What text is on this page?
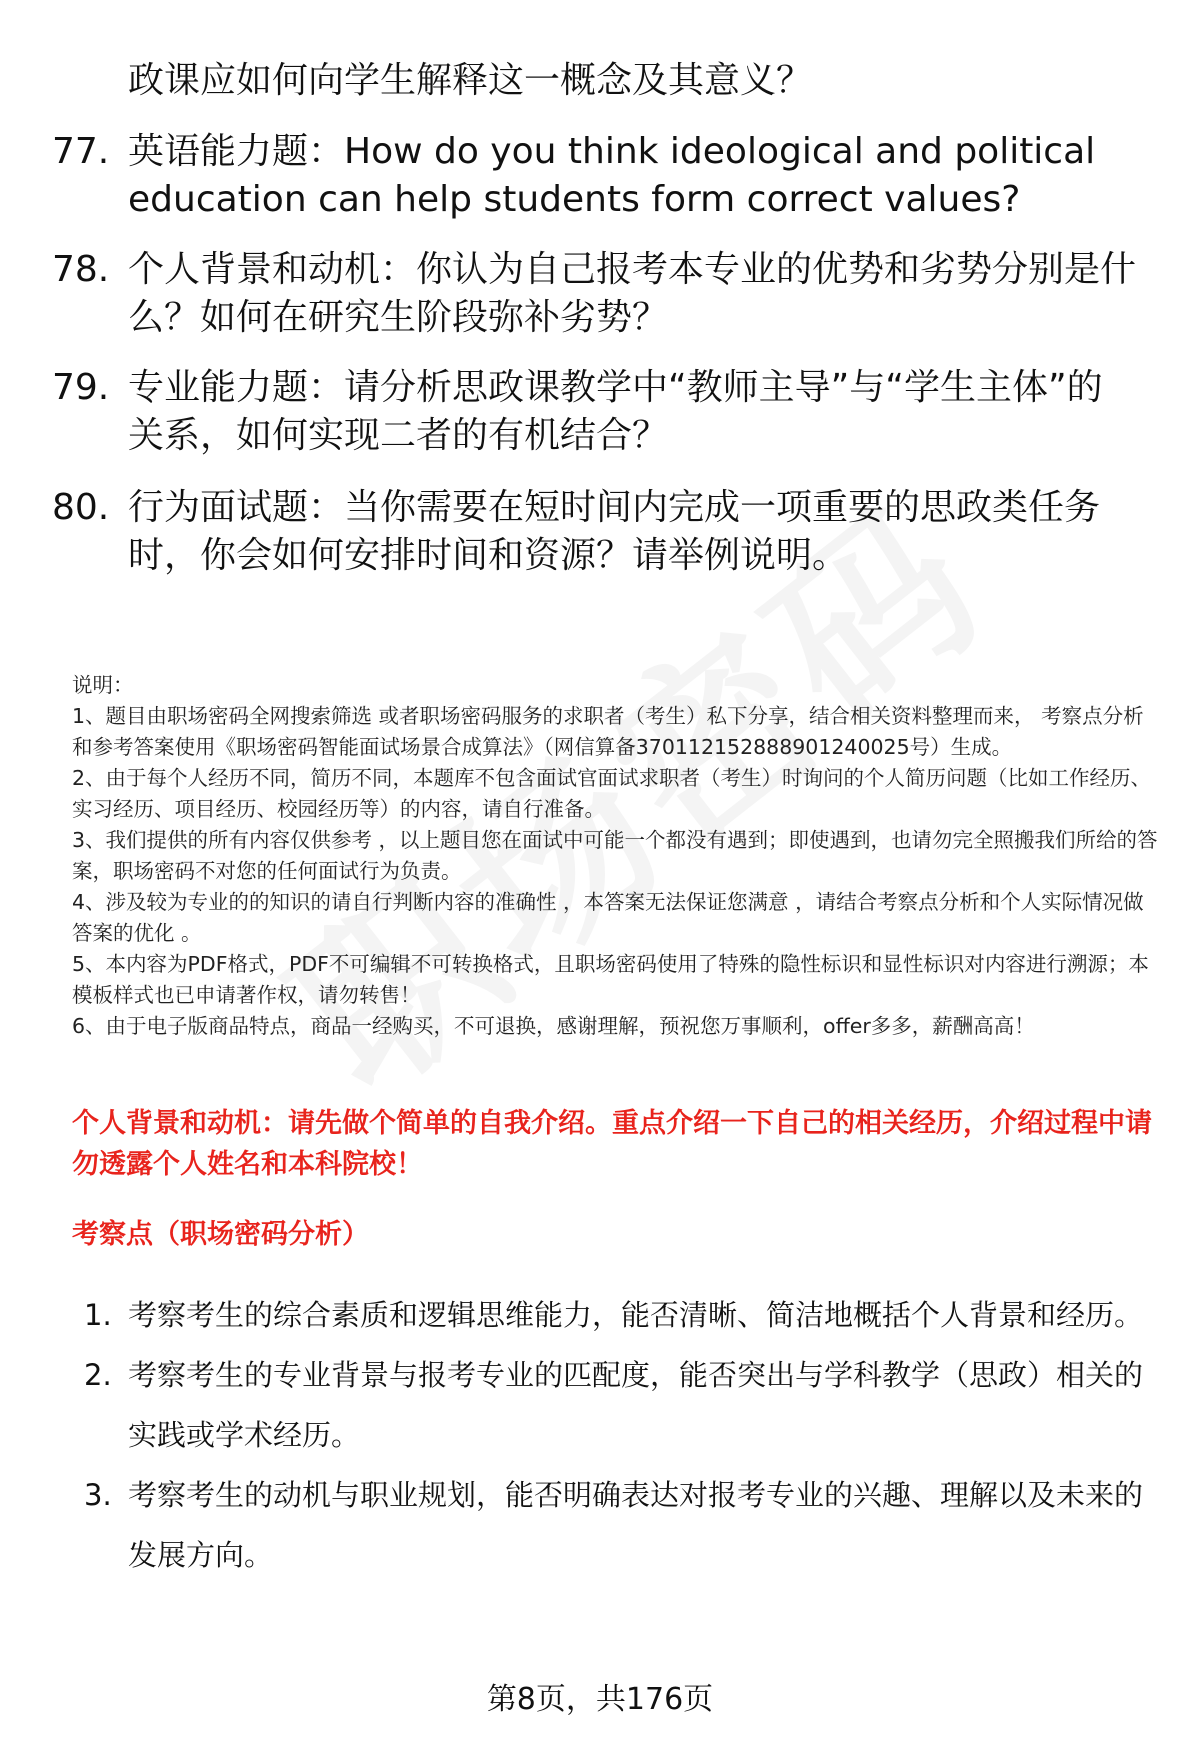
政课应如何向学生解释这一概念及其意义？

77. 英语能力题：How do you think ideological and political education can help students form correct values?
78. 个人背景和动机：你认为自己报考本专业的优势和劣势分别是什么？如何在研究生阶段弥补劣势？
79. 专业能力题：请分析思政课教学中“教师主导”与“学生主体”的关系，如何实现二者的有机结合？
80. 行为面试题：当你需要在短时间内完成一项重要的思政类任务时，你会如何安排时间和资源？请举例说明。

说明：

1、题目由职场密码全网搜索筛选 或者职场密码服务的求职者（考生）私下分享，结合相关资料整理而来， 考察点分析和参考答案使用《职场密码智能面试场景合成算法》（网信算备370112152888901240025号）生成。

2、由于每个人经历不同，简历不同，本题库不包含面试官面试求职者（考生）时询问的个人简历问题（比如工作经历、实习经历、项目经历、校园经历等）的内容，请自行准备。

3、我们提供的所有内容仅供参考 ，以上题目您在面试中可能一个都没有遇到；即使遇到，也请勿完全照搬我们所给的答案，职场密码不对您的任何面试行为负责。

4、涉及较为专业的的知识的请自行判断内容的准确性 ，本答案无法保证您满意 ，请结合考察点分析和个人实际情况做答案的优化 。

5、本内容为PDF格式，PDF不可编辑不可转换格式，且职场密码使用了特殊的隐性标识和显性标识对内容进行溯源；本模板样式也已申请著作权，请勿转售！

6、由于电子版商品特点，商品一经购买，不可退换，感谢理解，预祝您万事顺利，offer多多，薪酬高高！

个人背景和动机：请先做个简单的自我介绍。重点介绍一下自己的相关经历，介绍过程中请勿透露个人姓名和本科院校！

考察点（职场密码分析）

1. 考察考生的综合素质和逻辑思维能力，能否清晰、简洁地概括个人背景和经历。
2. 考察考生的专业背景与报考专业的匹配度，能否突出与学科教学（思政）相关的实践或学术经历。
3. 考察考生的动机与职业规划，能否明确表达对报考专业的兴趣、理解以及未来的发展方向。
第8页，共176页
